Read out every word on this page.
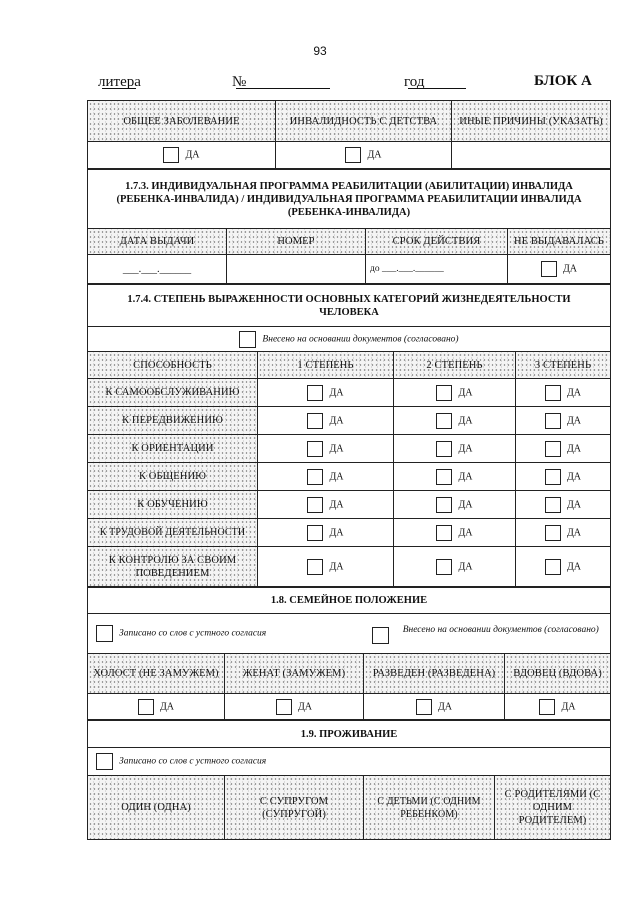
93
литера	№	год	БЛОК А
ОБЩЕЕ ЗАБОЛЕВАНИЕ	ИНВАЛИДНОСТЬ С ДЕТСТВА	ИНЫЕ ПРИЧИНЫ (УКАЗАТЬ)
ДА	ДА	
1.7.3. ИНДИВИДУАЛЬНАЯ ПРОГРАММА РЕАБИЛИТАЦИИ (АБИЛИТАЦИИ) ИНВАЛИДА (РЕБЕНКА-ИНВАЛИДА) / ИНДИВИДУАЛЬНАЯ ПРОГРАММА РЕАБИЛИТАЦИИ ИНВАЛИДА (РЕБЕНКА-ИНВАЛИДА)			
ДАТА ВЫДАЧИ	НОМЕР	СРОК ДЕЙСТВИЯ	НЕ ВЫДАВАЛАСЬ
___.___.______		до ___.___.______	ДА
1.7.4. СТЕПЕНЬ ВЫРАЖЕННОСТИ ОСНОВНЫХ КАТЕГОРИЙ ЖИЗНЕДЕЯТЕЛЬНОСТИ ЧЕЛОВЕКА			
Внесено на основании документов (согласовано)			
СПОСОБНОСТЬ	1 СТЕПЕНЬ	2 СТЕПЕНЬ	3 СТЕПЕНЬ
К САМООБСЛУЖИВАНИЮ	ДА	ДА	ДА
К ПЕРЕДВИЖЕНИЮ	ДА	ДА	ДА
К ОРИЕНТАЦИИ	ДА	ДА	ДА
К ОБЩЕНИЮ	ДА	ДА	ДА
К ОБУЧЕНИЮ	ДА	ДА	ДА
К ТРУДОВОЙ ДЕЯТЕЛЬНОСТИ	ДА	ДА	ДА
К КОНТРОЛЮ ЗА СВОИМ ПОВЕДЕНИЕМ	ДА	ДА	ДА
1.8. СЕМЕЙНОЕ ПОЛОЖЕНИЕ			
Записано со слов с устного согласия		Внесено на основании документов (согласовано)	

ХОЛОСТ (НЕ ЗАМУЖЕМ)	ЖЕНАТ (ЗАМУЖЕМ)	РАЗВЕДЕН (РАЗВЕДЕНА)	ВДОВЕЦ (ВДОВА)
ДА	ДА	ДА	ДА
1.9. ПРОЖИВАНИЕ
Записано со слов с устного согласия
ОДИН (ОДНА)	С СУПРУГОМ (СУПРУГОЙ)	С ДЕТЬМИ (С ОДНИМ РЕБЕНКОМ)	С РОДИТЕЛЯМИ (С ОДНИМ РОДИТЕЛЕМ)
